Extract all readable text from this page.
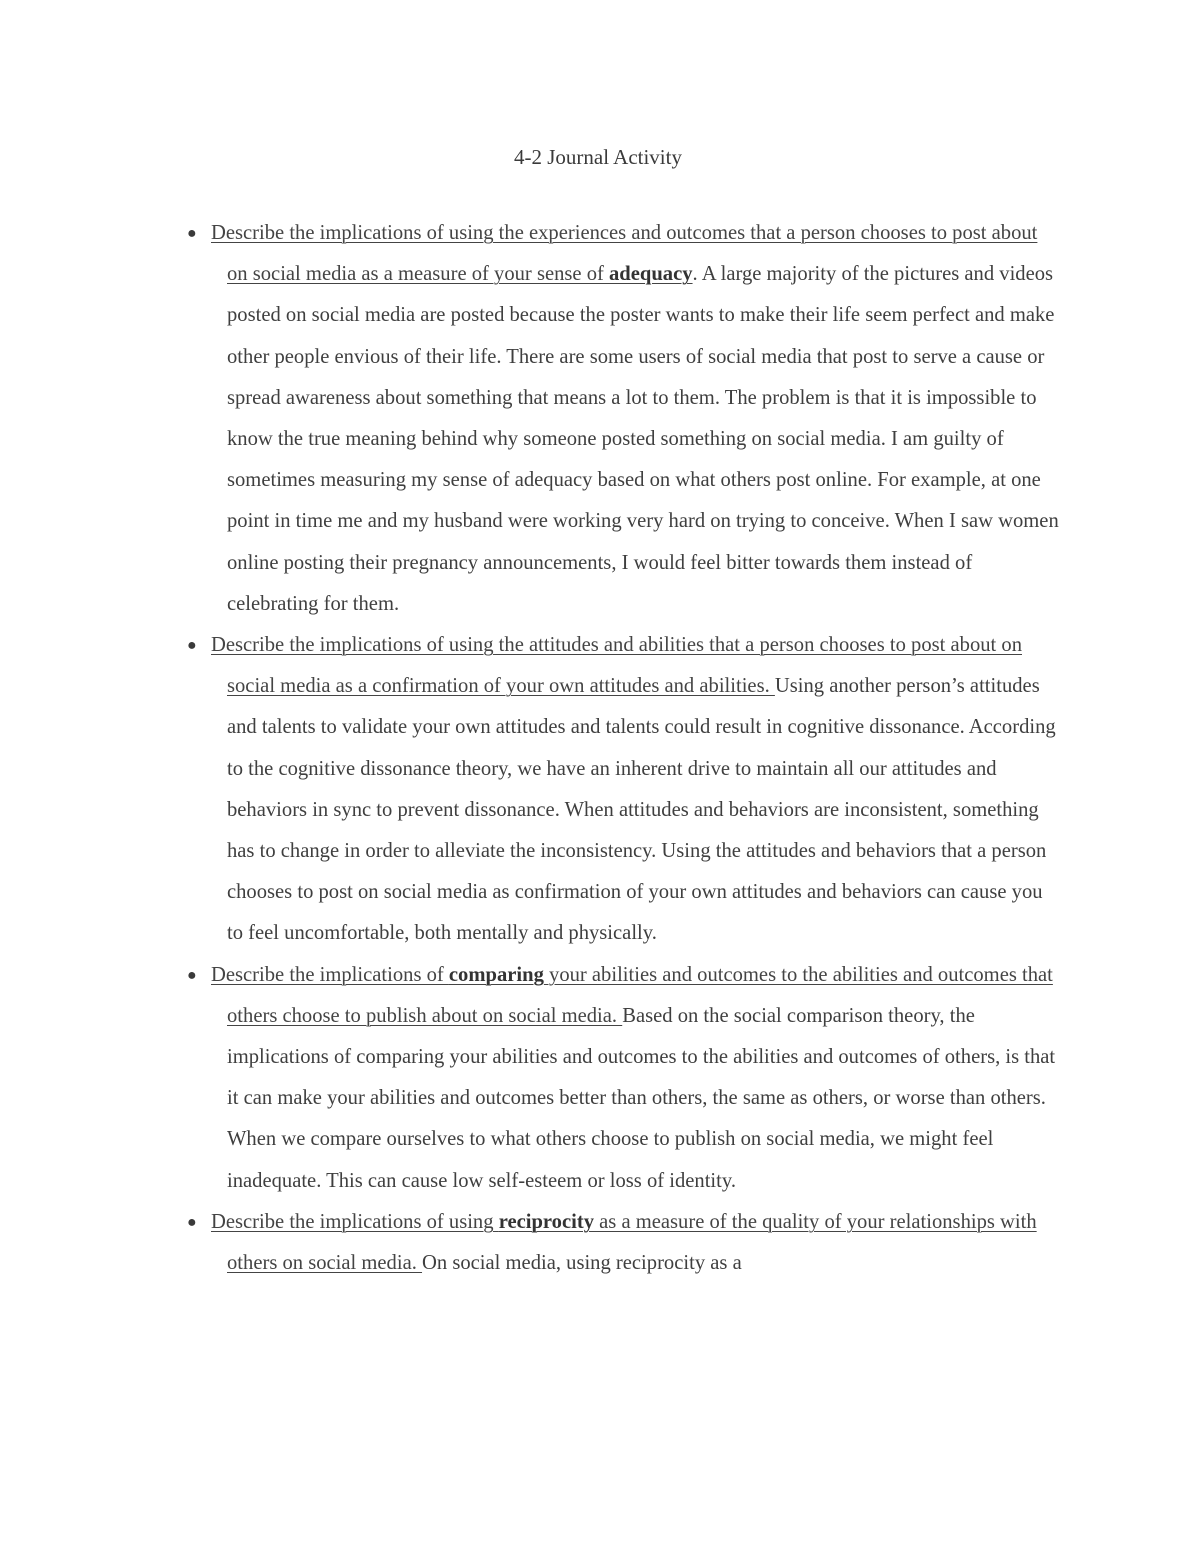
4-2 Journal Activity
● Describe the implications of using the experiences and outcomes that a person chooses to post about on social media as a measure of your sense of adequacy. A large majority of the pictures and videos posted on social media are posted because the poster wants to make their life seem perfect and make other people envious of their life. There are some users of social media that post to serve a cause or spread awareness about something that means a lot to them. The problem is that it is impossible to know the true meaning behind why someone posted something on social media. I am guilty of sometimes measuring my sense of adequacy based on what others post online. For example, at one point in time me and my husband were working very hard on trying to conceive. When I saw women online posting their pregnancy announcements, I would feel bitter towards them instead of celebrating for them.
● Describe the implications of using the attitudes and abilities that a person chooses to post about on social media as a confirmation of your own attitudes and abilities. Using another person’s attitudes and talents to validate your own attitudes and talents could result in cognitive dissonance. According to the cognitive dissonance theory, we have an inherent drive to maintain all our attitudes and behaviors in sync to prevent dissonance. When attitudes and behaviors are inconsistent, something has to change in order to alleviate the inconsistency. Using the attitudes and behaviors that a person chooses to post on social media as confirmation of your own attitudes and behaviors can cause you to feel uncomfortable, both mentally and physically.
● Describe the implications of comparing your abilities and outcomes to the abilities and outcomes that others choose to publish about on social media. Based on the social comparison theory, the implications of comparing your abilities and outcomes to the abilities and outcomes of others, is that it can make your abilities and outcomes better than others, the same as others, or worse than others. When we compare ourselves to what others choose to publish on social media, we might feel inadequate. This can cause low self-esteem or loss of identity.
● Describe the implications of using reciprocity as a measure of the quality of your relationships with others on social media. On social media, using reciprocity as a
